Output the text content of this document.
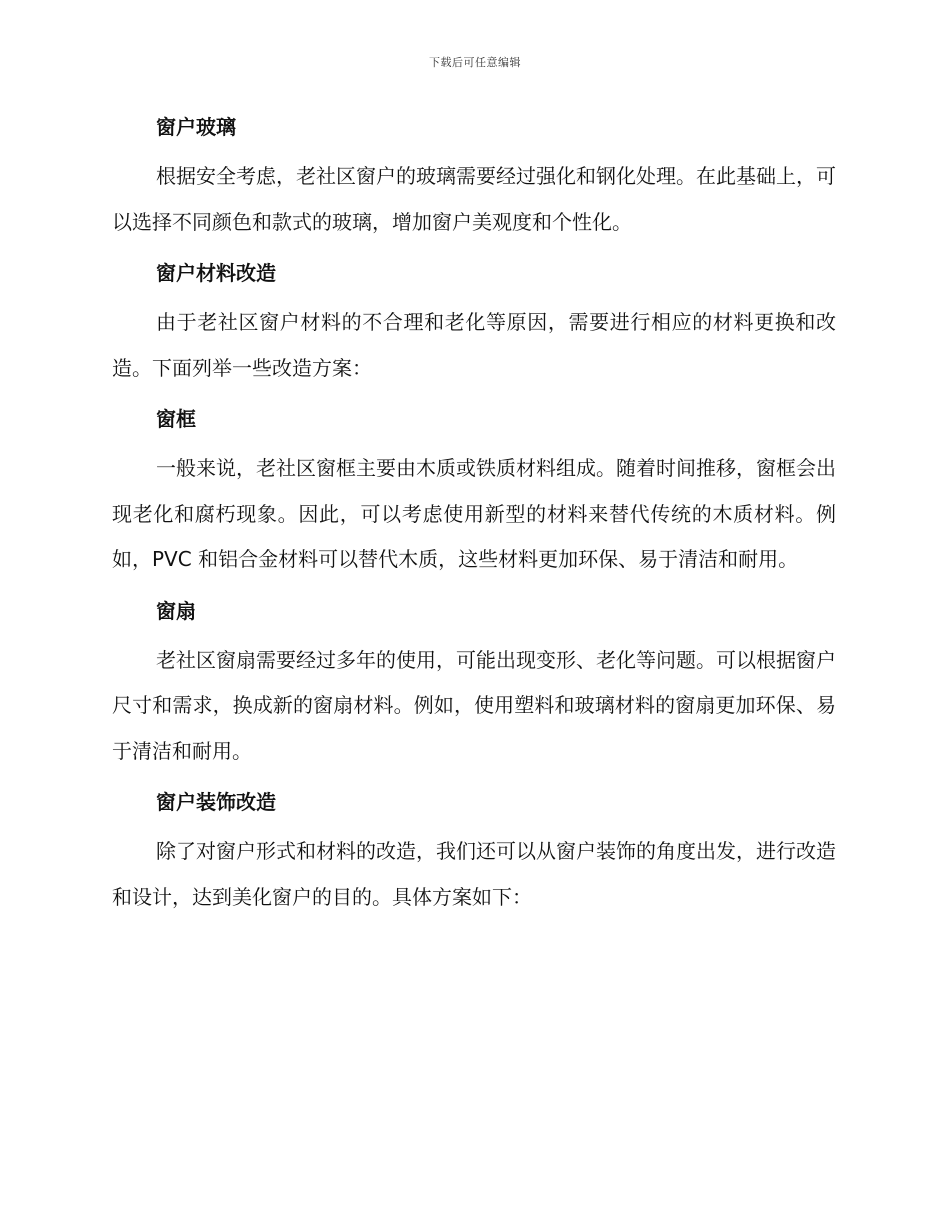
下载后可任意编辑
窗户玻璃

根据安全考虑，老社区窗户的玻璃需要经过强化和钢化处理。在此基础上，可以选择不同颜色和款式的玻璃，增加窗户美观度和个性化。

窗户材料改造

由于老社区窗户材料的不合理和老化等原因，需要进行相应的材料更换和改造。下面列举一些改造方案：

窗框

一般来说，老社区窗框主要由木质或铁质材料组成。随着时间推移，窗框会出现老化和腐朽现象。因此，可以考虑使用新型的材料来替代传统的木质材料。例如，PVC 和铝合金材料可以替代木质，这些材料更加环保、易于清洁和耐用。

窗扇

老社区窗扇需要经过多年的使用，可能出现变形、老化等问题。可以根据窗户尺寸和需求，换成新的窗扇材料。例如，使用塑料和玻璃材料的窗扇更加环保、易于清洁和耐用。

窗户装饰改造

除了对窗户形式和材料的改造，我们还可以从窗户装饰的角度出发，进行改造和设计，达到美化窗户的目的。具体方案如下：
